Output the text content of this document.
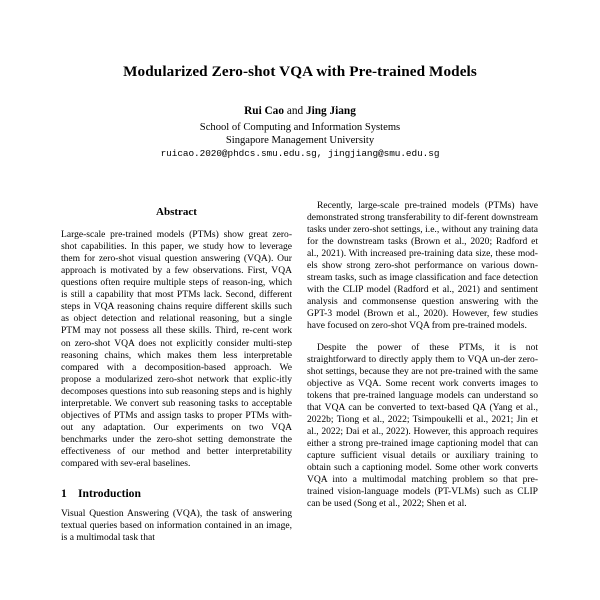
Modularized Zero-shot VQA with Pre-trained Models
Rui Cao and Jing Jiang
School of Computing and Information Systems
Singapore Management University
ruicao.2020@phdcs.smu.edu.sg, jingjiang@smu.edu.sg
Abstract

Large-scale pre-trained models (PTMs) show great zero-shot capabilities. In this paper, we study how to leverage them for zero-shot visual question answering (VQA). Our approach is motivated by a few observations. First, VQA questions often require multiple steps of reason-ing, which is still a capability that most PTMs lack. Second, different steps in VQA reasoning chains require different skills such as object detection and relational reasoning, but a single PTM may not possess all these skills. Third, re-cent work on zero-shot VQA does not explicitly consider multi-step reasoning chains, which makes them less interpretable compared with a decomposition-based approach. We propose a modularized zero-shot network that explic-itly decomposes questions into sub reasoning steps and is highly interpretable. We convert sub reasoning tasks to acceptable objectives of PTMs and assign tasks to proper PTMs with-out any adaptation. Our experiments on two VQA benchmarks under the zero-shot setting demonstrate the effectiveness of our method and better interpretability compared with sev-eral baselines.

1 Introduction

Visual Question Answering (VQA), the task of answering textual queries based on information contained in an image, is a multimodal task that

Recently, large-scale pre-trained models (PTMs) have demonstrated strong transferability to dif-ferent downstream tasks under zero-shot settings, i.e., without any training data for the downstream tasks (Brown et al., 2020; Radford et al., 2021). With increased pre-training data size, these mod-els show strong zero-shot performance on various down-stream tasks, such as image classification and face detection with the CLIP model (Radford et al., 2021) and sentiment analysis and commonsense question answering with the GPT-3 model (Brown et al., 2020). However, few studies have focused on zero-shot VQA from pre-trained models.

Despite the power of these PTMs, it is not straightforward to directly apply them to VQA un-der zero-shot settings, because they are not pre-trained with the same objective as VQA. Some recent work converts images to tokens that pre-trained language models can understand so that VQA can be converted to text-based QA (Yang et al., 2022b; Tiong et al., 2022; Tsimpoukelli et al., 2021; Jin et al., 2022; Dai et al., 2022). However, this approach requires either a strong pre-trained image captioning model that can capture sufficient visual details or auxiliary training to obtain such a captioning model. Some other work converts VQA into a multimodal matching problem so that pre-trained vision-language models (PT-VLMs) such as CLIP can be used (Song et al., 2022; Shen et al.
